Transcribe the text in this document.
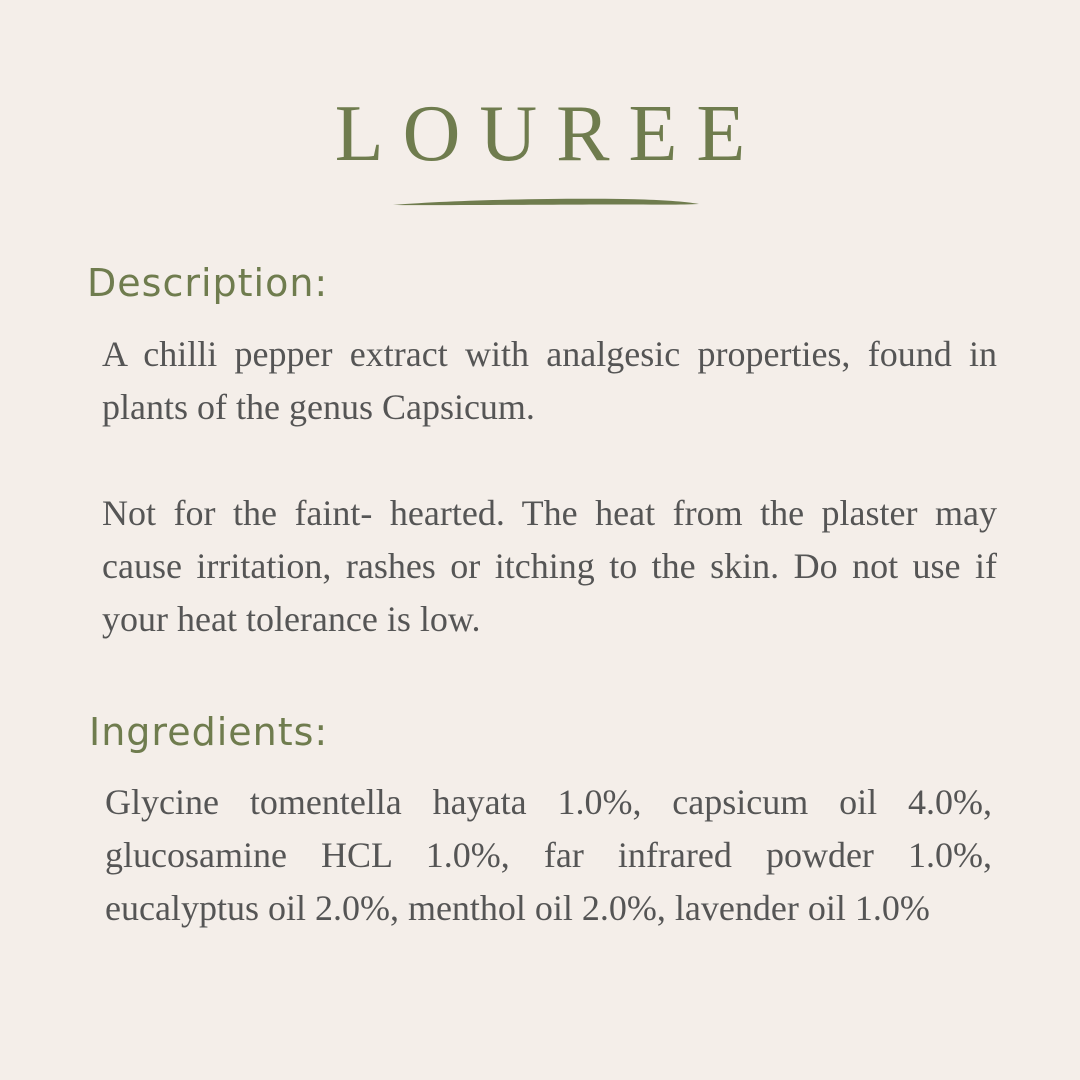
LOUREE
Description:

A chilli pepper extract with analgesic properties, found in plants of the genus Capsicum.

Not for the faint- hearted. The heat from the plaster may cause irritation, rashes or itching to the skin. Do not use if your heat tolerance is low.

Ingredients:

Glycine tomentella hayata 1.0%, capsicum oil 4.0%, glucosamine HCL 1.0%, far infrared powder 1.0%, eucalyptus oil 2.0%, menthol oil 2.0%, lavender oil 1.0%
